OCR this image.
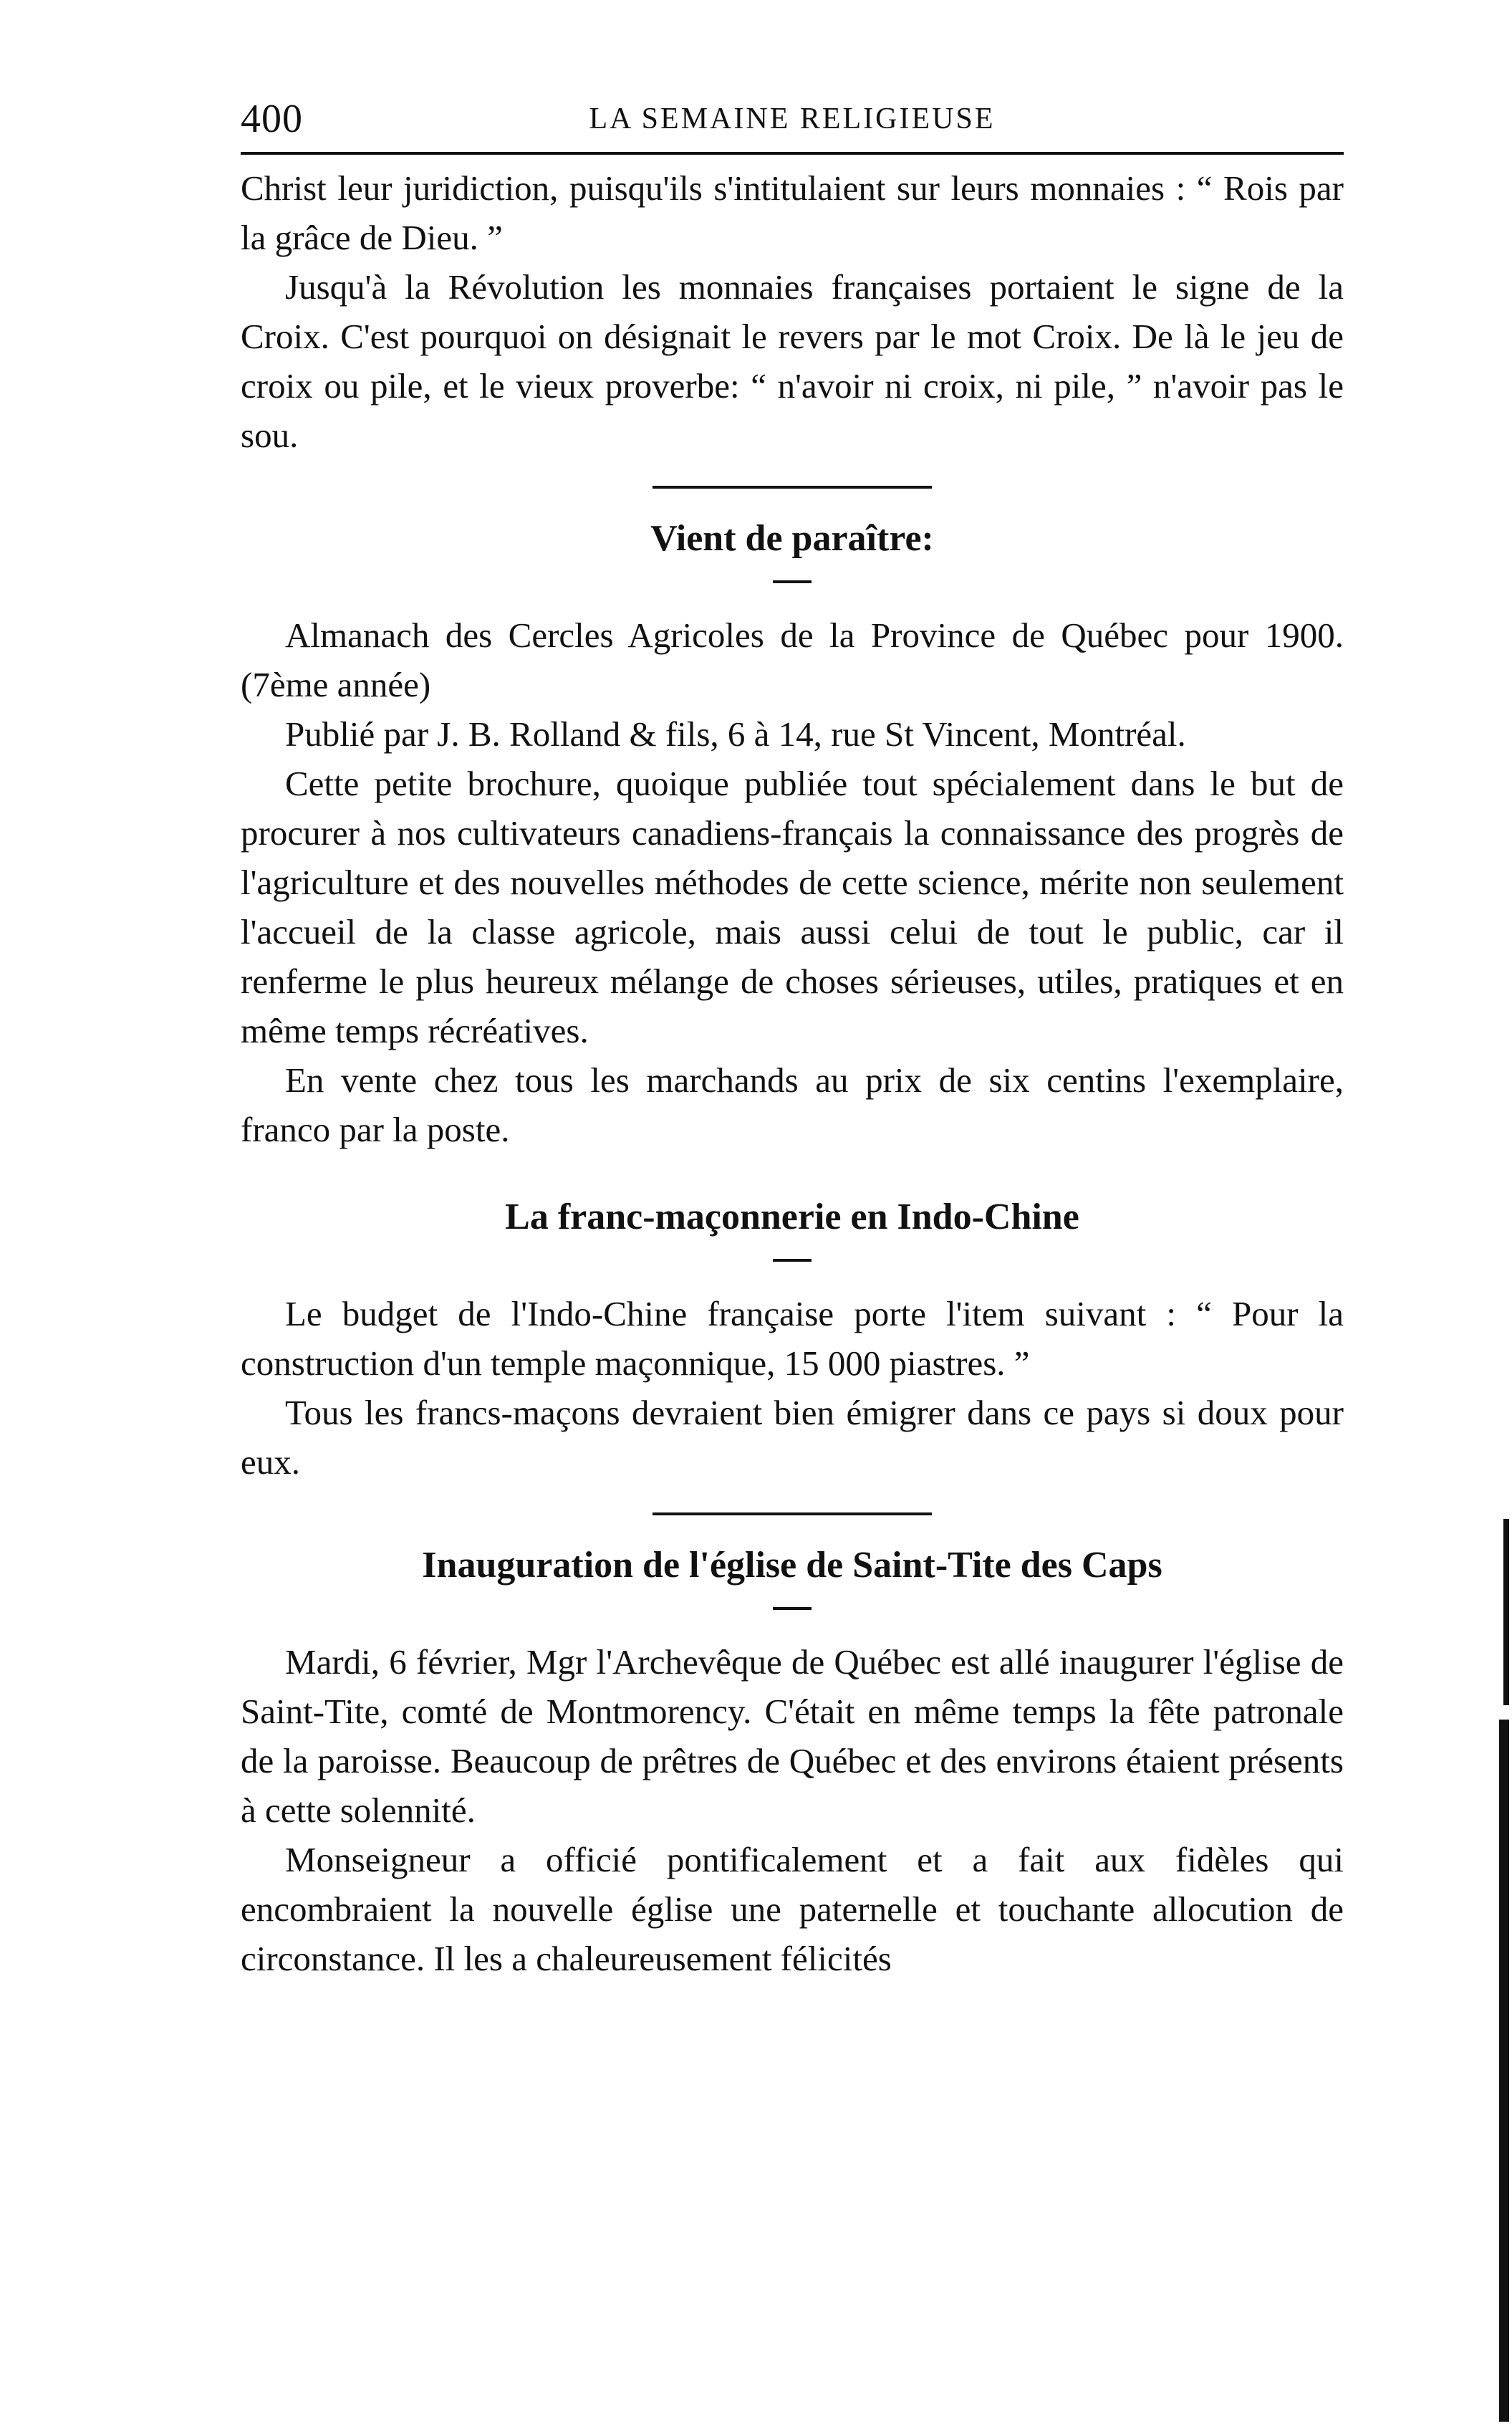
400	LA SEMAINE RELIGIEUSE

Christ leur juridiction, puisqu'ils s'intitulaient sur leurs monnaies : “ Rois par la grâce de Dieu. ”

Jusqu'à la Révolution les monnaies françaises portaient le signe de la Croix. C'est pourquoi on désignait le revers par le mot Croix. De là le jeu de croix ou pile, et le vieux proverbe: “ n'avoir ni croix, ni pile, ” n'avoir pas le sou.

Vient de paraître:

Almanach des Cercles Agricoles de la Province de Québec pour 1900. (7ème année)

Publié par J. B. Rolland & fils, 6 à 14, rue St Vincent, Montréal.

Cette petite brochure, quoique publiée tout spécialement dans le but de procurer à nos cultivateurs canadiens-français la connaissance des progrès de l'agriculture et des nouvelles méthodes de cette science, mérite non seulement l'accueil de la classe agricole, mais aussi celui de tout le public, car il renferme le plus heureux mélange de choses sérieuses, utiles, pratiques et en même temps récréatives.

En vente chez tous les marchands au prix de six centins l'exemplaire, franco par la poste.

La franc-maçonnerie en Indo-Chine

Le budget de l'Indo-Chine française porte l'item suivant : “ Pour la construction d'un temple maçonnique, 15 000 piastres. ”

Tous les francs-maçons devraient bien émigrer dans ce pays si doux pour eux.

Inauguration de l'église de Saint-Tite des Caps

Mardi, 6 février, Mgr l'Archevêque de Québec est allé inaugurer l'église de Saint-Tite, comté de Montmorency. C'était en même temps la fête patronale de la paroisse. Beaucoup de prêtres de Québec et des environs étaient présents à cette solennité.

Monseigneur a officié pontificalement et a fait aux fidèles qui encombraient la nouvelle église une paternelle et touchante allocution de circonstance. Il les a chaleureusement félicités
